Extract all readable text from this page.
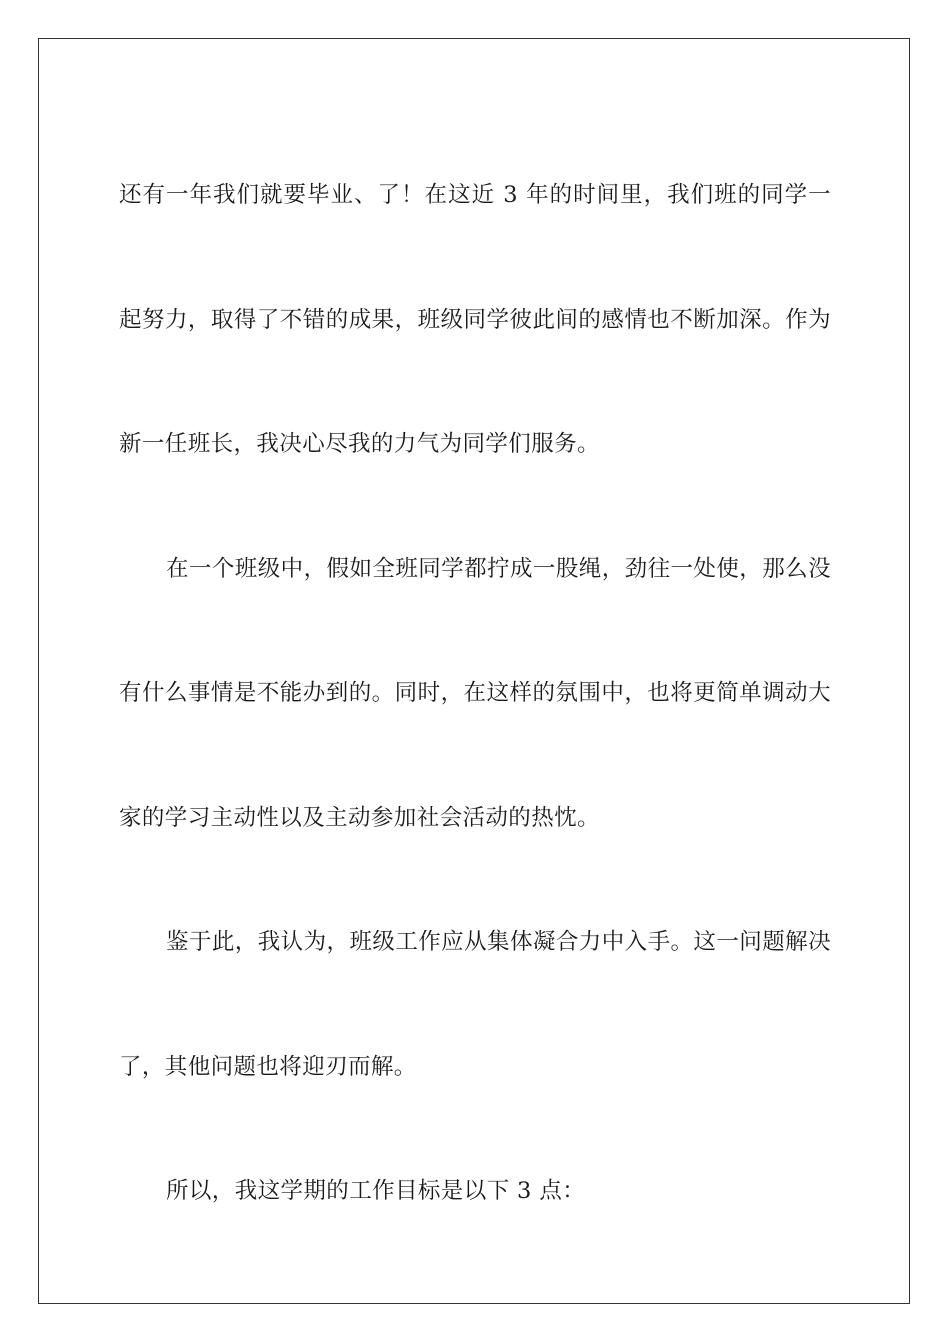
还有一年我们就要毕业、了！在这近 3 年的时间里，我们班的同学一起努力，取得了不错的成果，班级同学彼此间的感情也不断加深。作为新一任班长，我决心尽我的力气为同学们服务。

在一个班级中，假如全班同学都拧成一股绳，劲往一处使，那么没有什么事情是不能办到的。同时，在这样的氛围中，也将更简单调动大家的学习主动性以及主动参加社会活动的热忱。

鉴于此，我认为，班级工作应从集体凝合力中入手。这一问题解决了，其他问题也将迎刃而解。

所以，我这学期的工作目标是以下 3 点：
